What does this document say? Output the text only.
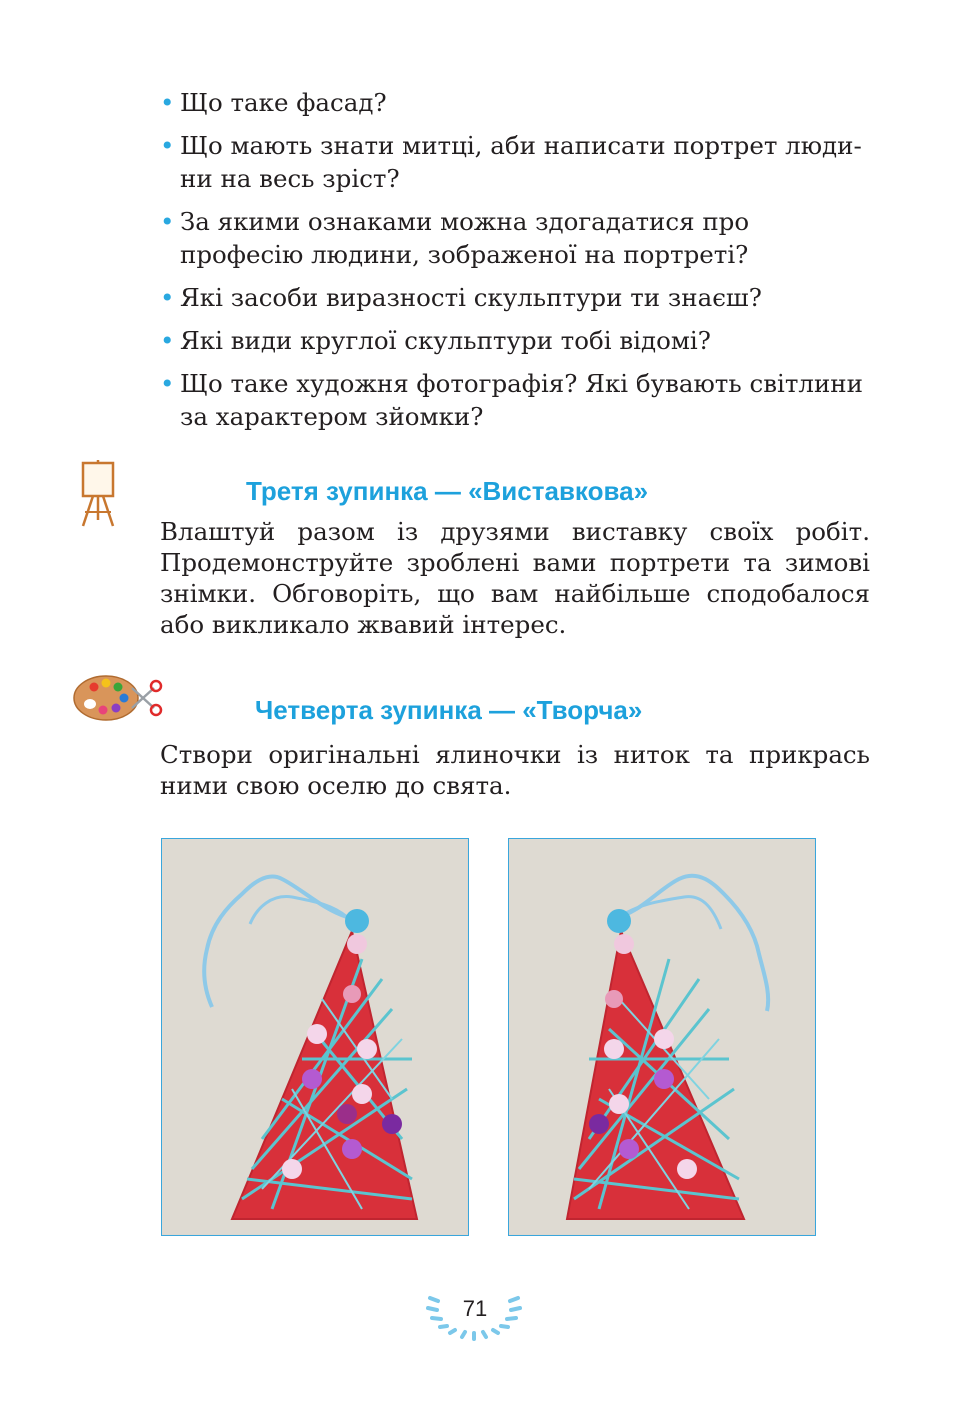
• Що таке фасад?
• Що мають знати митці, аби написати портрет люди- ни на весь зріст?
• За якими ознаками можна здогадатися про професію людини, зображеної на портреті?
• Які засоби виразності скульптури ти знаєш?
• Які види круглої скульптури тобі відомі?
• Що таке художня фотографія? Які бувають світлини за характером зйомки?
Третя зупинка — «Виставкова»
Влаштуй разом із друзями виставку своїх робіт. Продемонструйте зроблені вами портрети та зимові знімки. Обговоріть, що вам найбільше сподобалося або викликало жвавий інтерес.
Четверта зупинка — «Творча»
Створи оригінальні ялиночки із ниток та прикрась ними свою оселю до свята.
71
